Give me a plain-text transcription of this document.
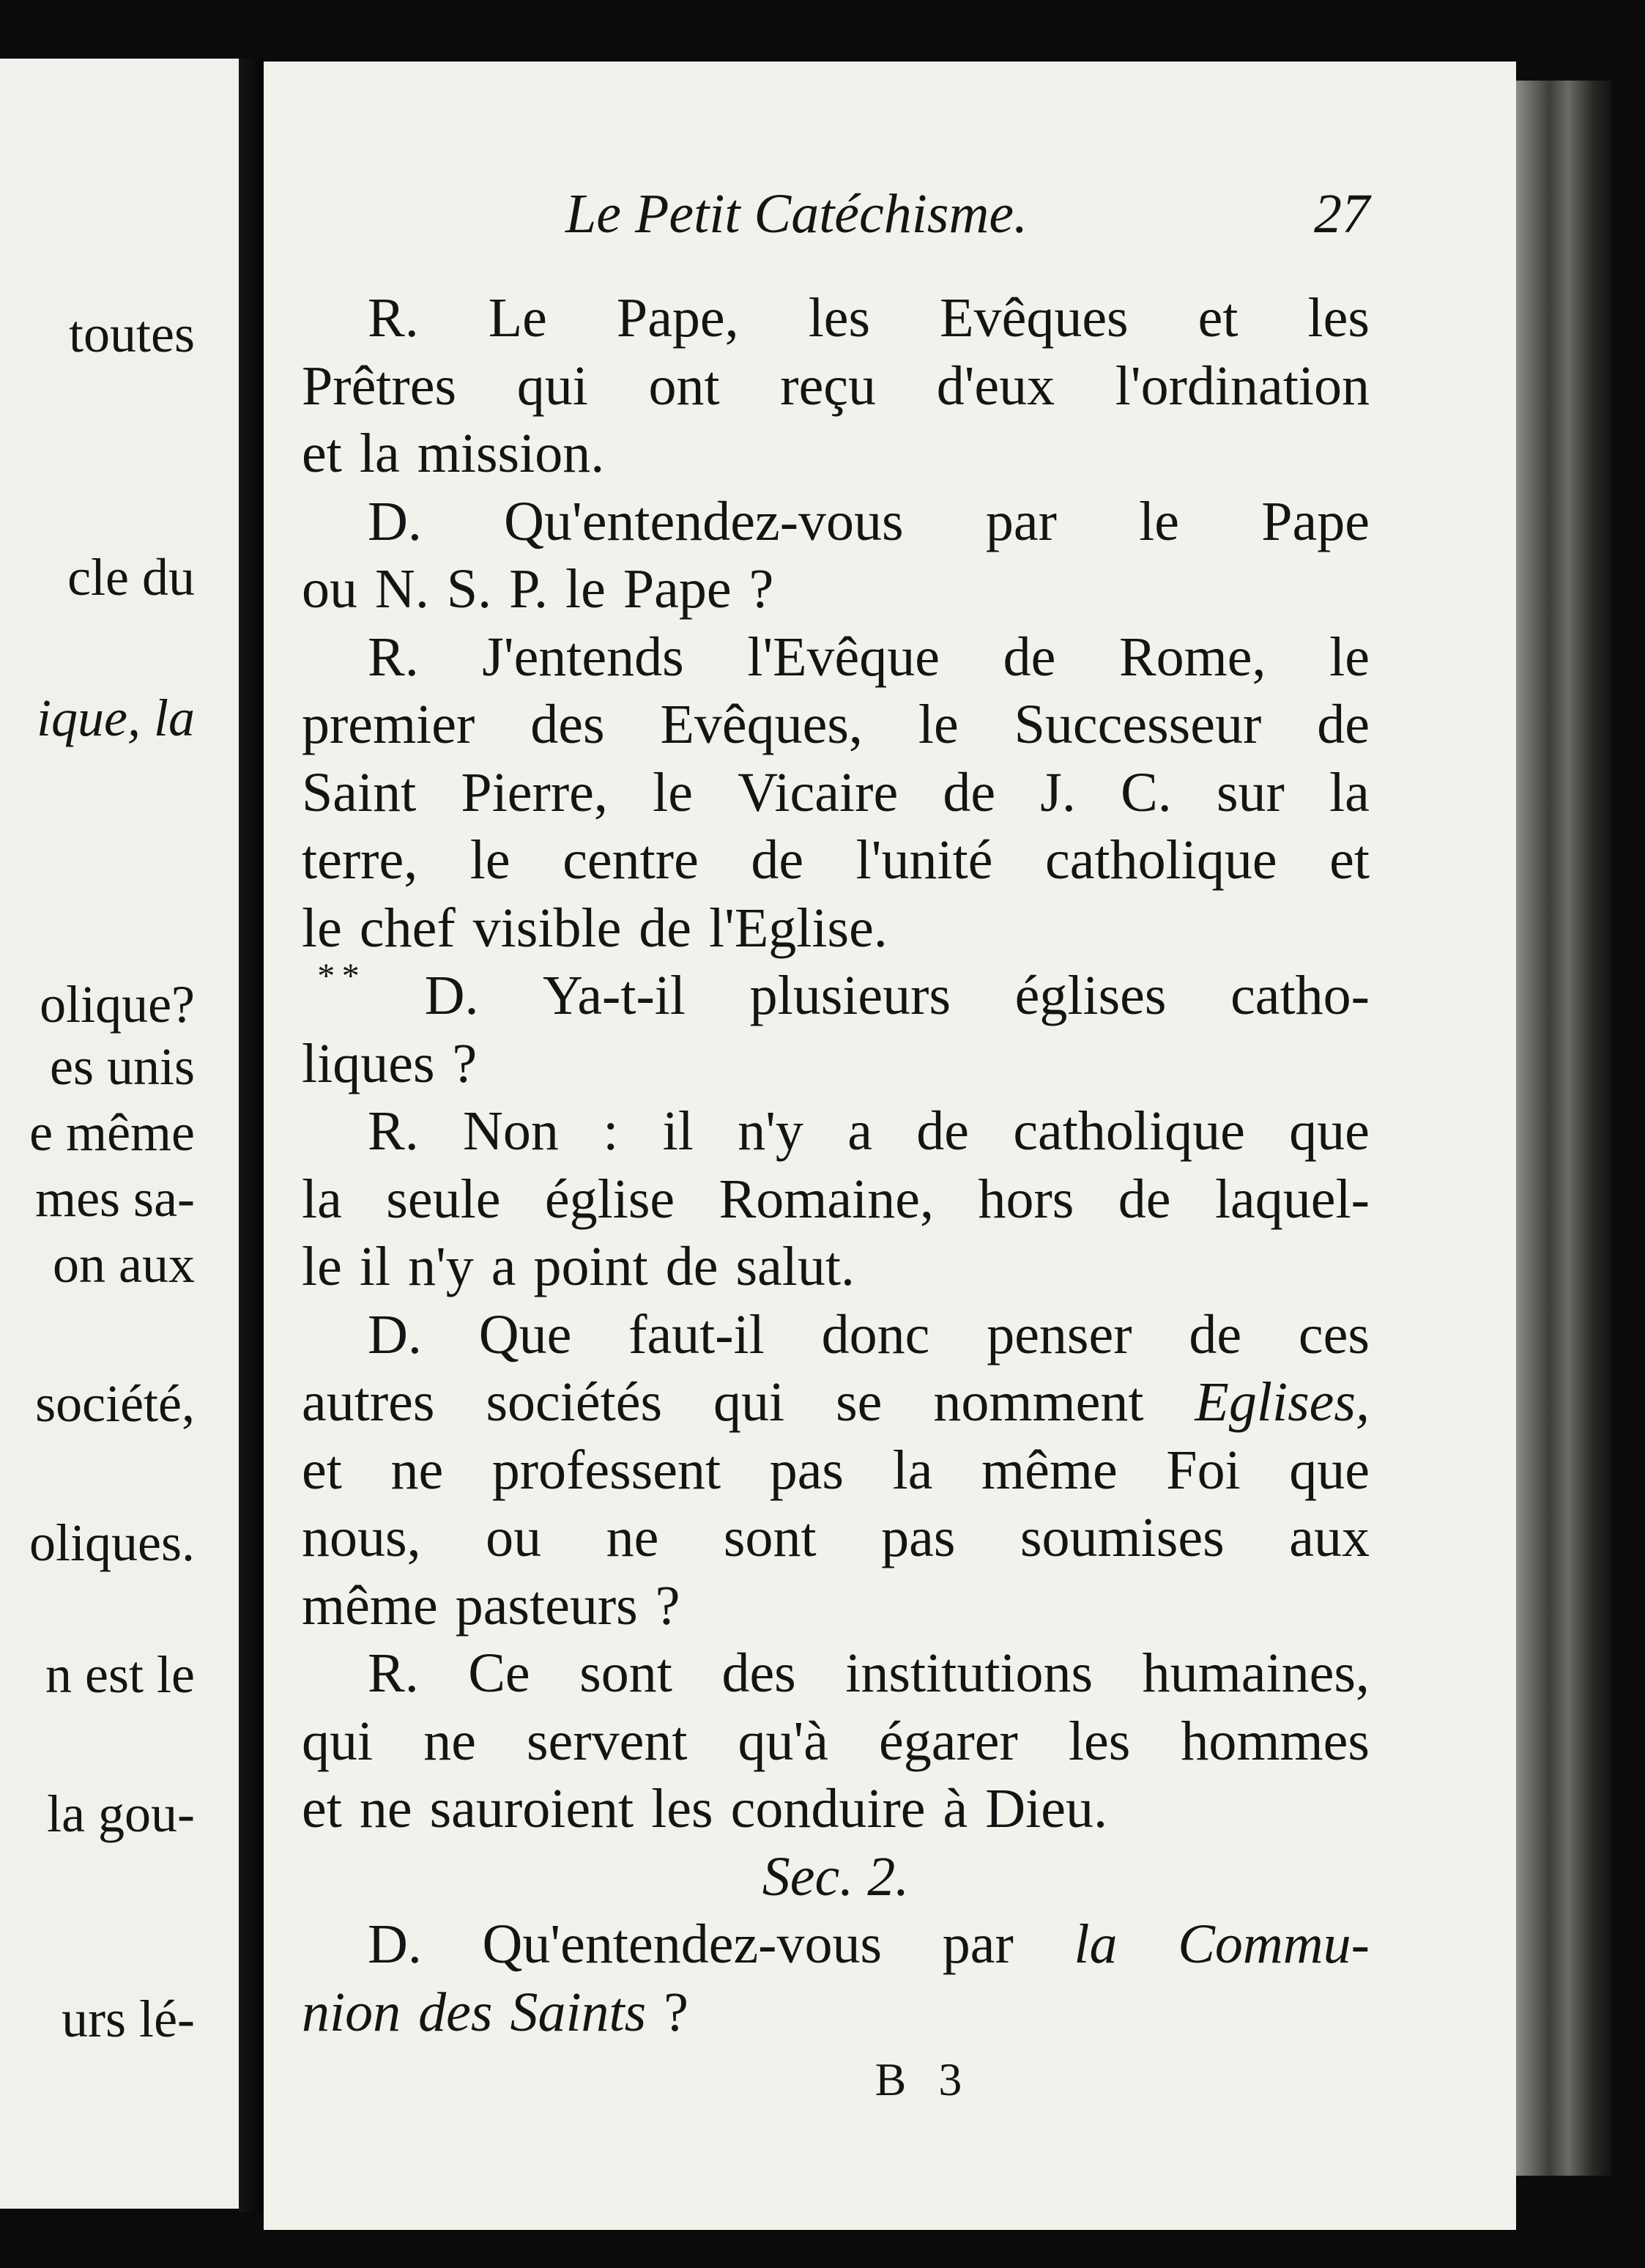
toutes
cle du
ique, la
olique?
es unis
e même
mes sa-
on aux
société,
oliques.
n est le
la gou-
urs lé-
Le Petit Catéchisme.	27
R. Le Pape, les Evêques et les
Prêtres qui ont reçu d'eux l'ordination
et la mission.
D. Qu'entendez-vous par le Pape
ou N. S. P. le Pape ?
R. J'entends l'Evêque de Rome, le
premier des Evêques, le Successeur de
Saint Pierre, le Vicaire de J. C. sur la
terre, le centre de l'unité catholique et
le chef visible de l'Eglise.
* * D. Ya-t-il plusieurs églises catho-
liques ?
R. Non : il n'y a de catholique que
la seule église Romaine, hors de laquel-
le il n'y a point de salut.
D. Que faut-il donc penser de ces
autres sociétés qui se nomment Eglises,
et ne professent pas la même Foi que
nous, ou ne sont pas soumises aux
même pasteurs ?
R. Ce sont des institutions humaines,
qui ne servent qu'à égarer les hommes
et ne sauroient les conduire à Dieu.
Sec. 2.
D. Qu'entendez-vous par la Commu-
nion des Saints ?
B 3
